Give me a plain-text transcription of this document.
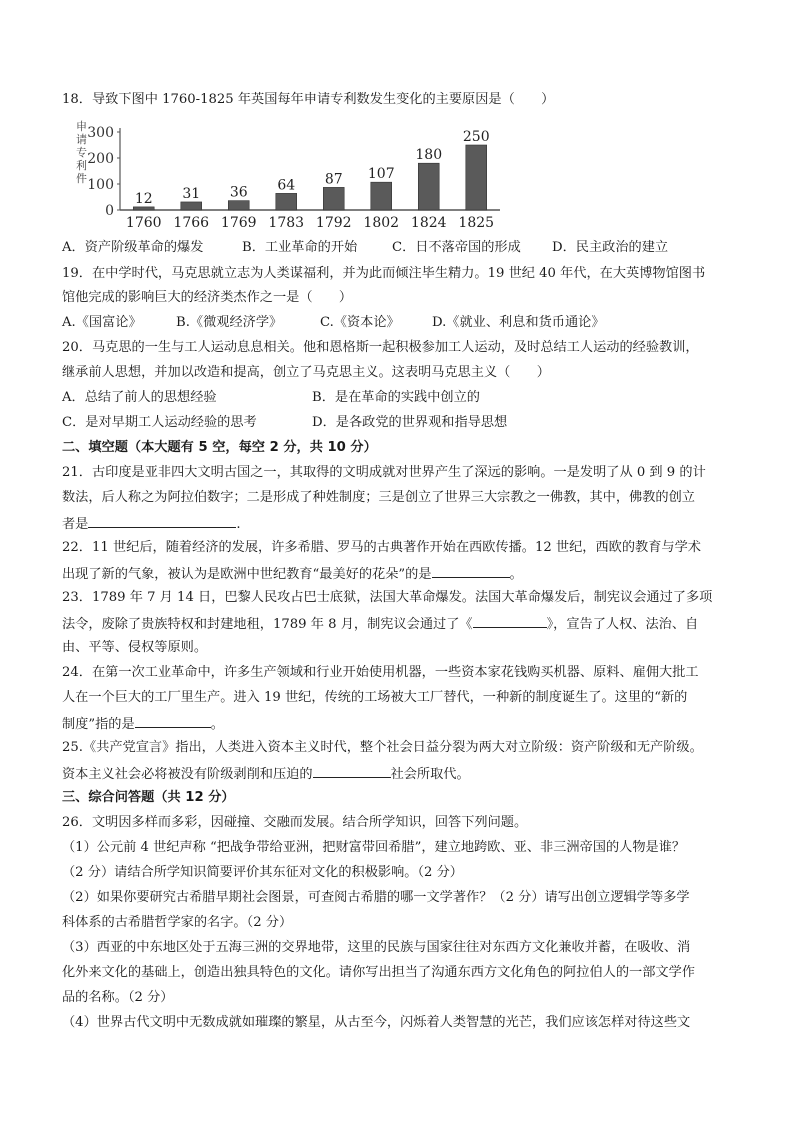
18．导致下图中 1760-1825 年英国每年申请专利数发生变化的主要原因是（　　）
申
请
专
利
件
0
100
200
300
12 31 36 64 87 107
180
250
1760 1766 1769 1783 1792 1802 1824 1825
A．资产阶级革命的爆发	B．工业革命的开始	C．日不落帝国的形成 D．民主政治的建立
19．在中学时代，马克思就立志为人类谋福利，并为此而倾注毕生精力。19 世纪 40 年代，在大英博物馆图书
馆他完成的影响巨大的经济类杰作之一是（　　）
A.《国富论》	B.《微观经济学》	C.《资本论》 D.《就业、利息和货币通论》
20．马克思的一生与工人运动息息相关。他和恩格斯一起积极参加工人运动，及时总结工人运动的经验教训，
继承前人思想，并加以改造和提高，创立了马克思主义。这表明马克思主义（　　）
A．总结了前人的思想经验	B．是在革命的实践中创立的
C．是对早期工人运动经验的思考	D．是各政党的世界观和指导思想
二、填空题（本大题有 5 空，每空 2 分，共 10 分）
21．古印度是亚非四大文明古国之一，其取得的文明成就对世界产生了深远的影响。一是发明了从 0 到 9 的计
数法，后人称之为阿拉伯数字；二是形成了种姓制度；三是创立了世界三大宗教之一佛教，其中，佛教的创立
者是	.
22．11 世纪后，随着经济的发展，许多希腊、罗马的古典著作开始在西欧传播。12 世纪，西欧的教育与学术
出现了新的气象，被认为是欧洲中世纪教育“最美好的花朵”的是	。
23．1789 年 7 月 14 日，巴黎人民攻占巴士底狱，法国大革命爆发。法国大革命爆发后，制宪议会通过了多项
法令，废除了贵族特权和封建地租，1789 年 8 月，制宪议会通过了《	》，宣告了人权、法治、自
由、平等、侵权等原则。
24．在第一次工业革命中，许多生产领域和行业开始使用机器，一些资本家花钱购买机器、原料、雇佣大批工
人在一个巨大的工厂里生产。进入 19 世纪，传统的工场被大工厂替代，一种新的制度诞生了。这里的“新的
制度”指的是	。
25.《共产党宣言》指出，人类进入资本主义时代，整个社会日益分裂为两大对立阶级：资产阶级和无产阶级。
资本主义社会必将被没有阶级剥削和压迫的	社会所取代。
三、综合问答题（共 12 分）
26．文明因多样而多彩，因碰撞、交融而发展。结合所学知识，回答下列问题。
（1）公元前 4 世纪声称 “把战争带给亚洲，把财富带回希腊”，建立地跨欧、亚、非三洲帝国的人物是谁？
（2 分）请结合所学知识简要评价其东征对文化的积极影响。（2 分）
（2）如果你要研究古希腊早期社会图景，可查阅古希腊的哪一文学著作？（2 分）请写出创立逻辑学等多学
科体系的古希腊哲学家的名字。（2 分）
（3）西亚的中东地区处于五海三洲的交界地带，这里的民族与国家往往对东西方文化兼收并蓄，在吸收、消
化外来文化的基础上，创造出独具特色的文化。请你写出担当了沟通东西方文化角色的阿拉伯人的一部文学作
品的名称。（2 分）
（4）世界古代文明中无数成就如璀璨的繁星，从古至今，闪烁着人类智慧的光芒，我们应该怎样对待这些文
